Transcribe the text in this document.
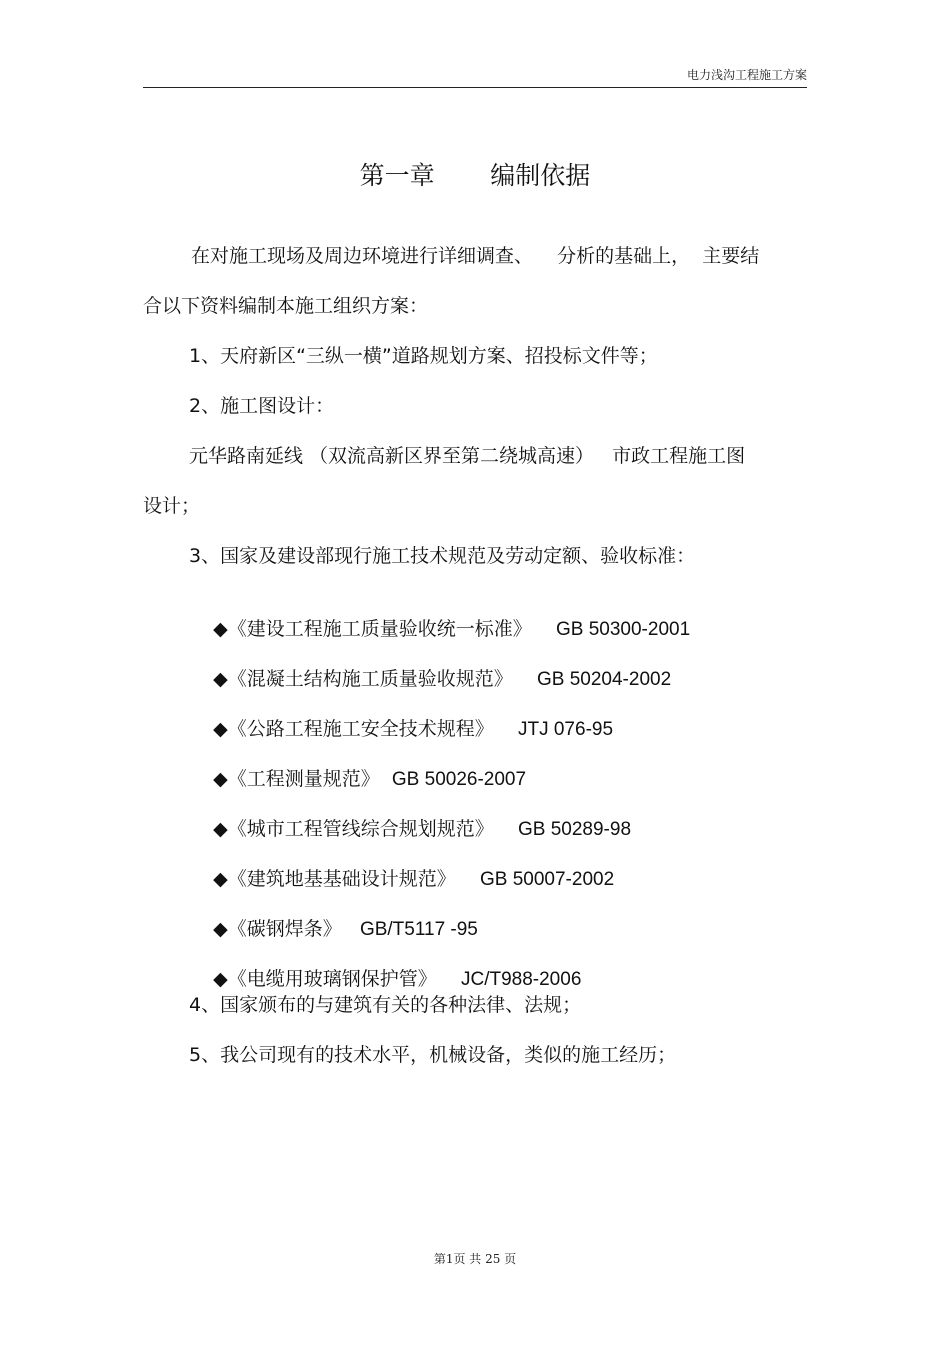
电力浅沟工程施工方案
第一章       编制依据
在对施工现场及周边环境进行详细调查、    分析的基础上，  主要结
合以下资料编制本施工组织方案：
1、天府新区“三纵一横”道路规划方案、招投标文件等；
2、施工图设计：
元华路南延线 （双流高新区界至第二绕城高速）   市政工程施工图
设计；
3、国家及建设部现行施工技术规范及劳动定额、验收标准：

◆《建设工程施工质量验收统一标准》 GB 50300-2001

◆《混凝土结构施工质量验收规范》 GB 50204-2002

◆《公路工程施工安全技术规程》 JTJ 076-95

◆《工程测量规范》 GB 50026-2007

◆《城市工程管线综合规划规范》 GB 50289-98

◆《建筑地基基础设计规范》 GB 50007-2002

◆《碳钢焊条》 GB/T5117 -95

◆《电缆用玻璃钢保护管》 JC/T988-2006

4、国家颁布的与建筑有关的各种法律、法规；
5、我公司现有的技术水平，机械设备，类似的施工经历；
第1页 共 25 页
